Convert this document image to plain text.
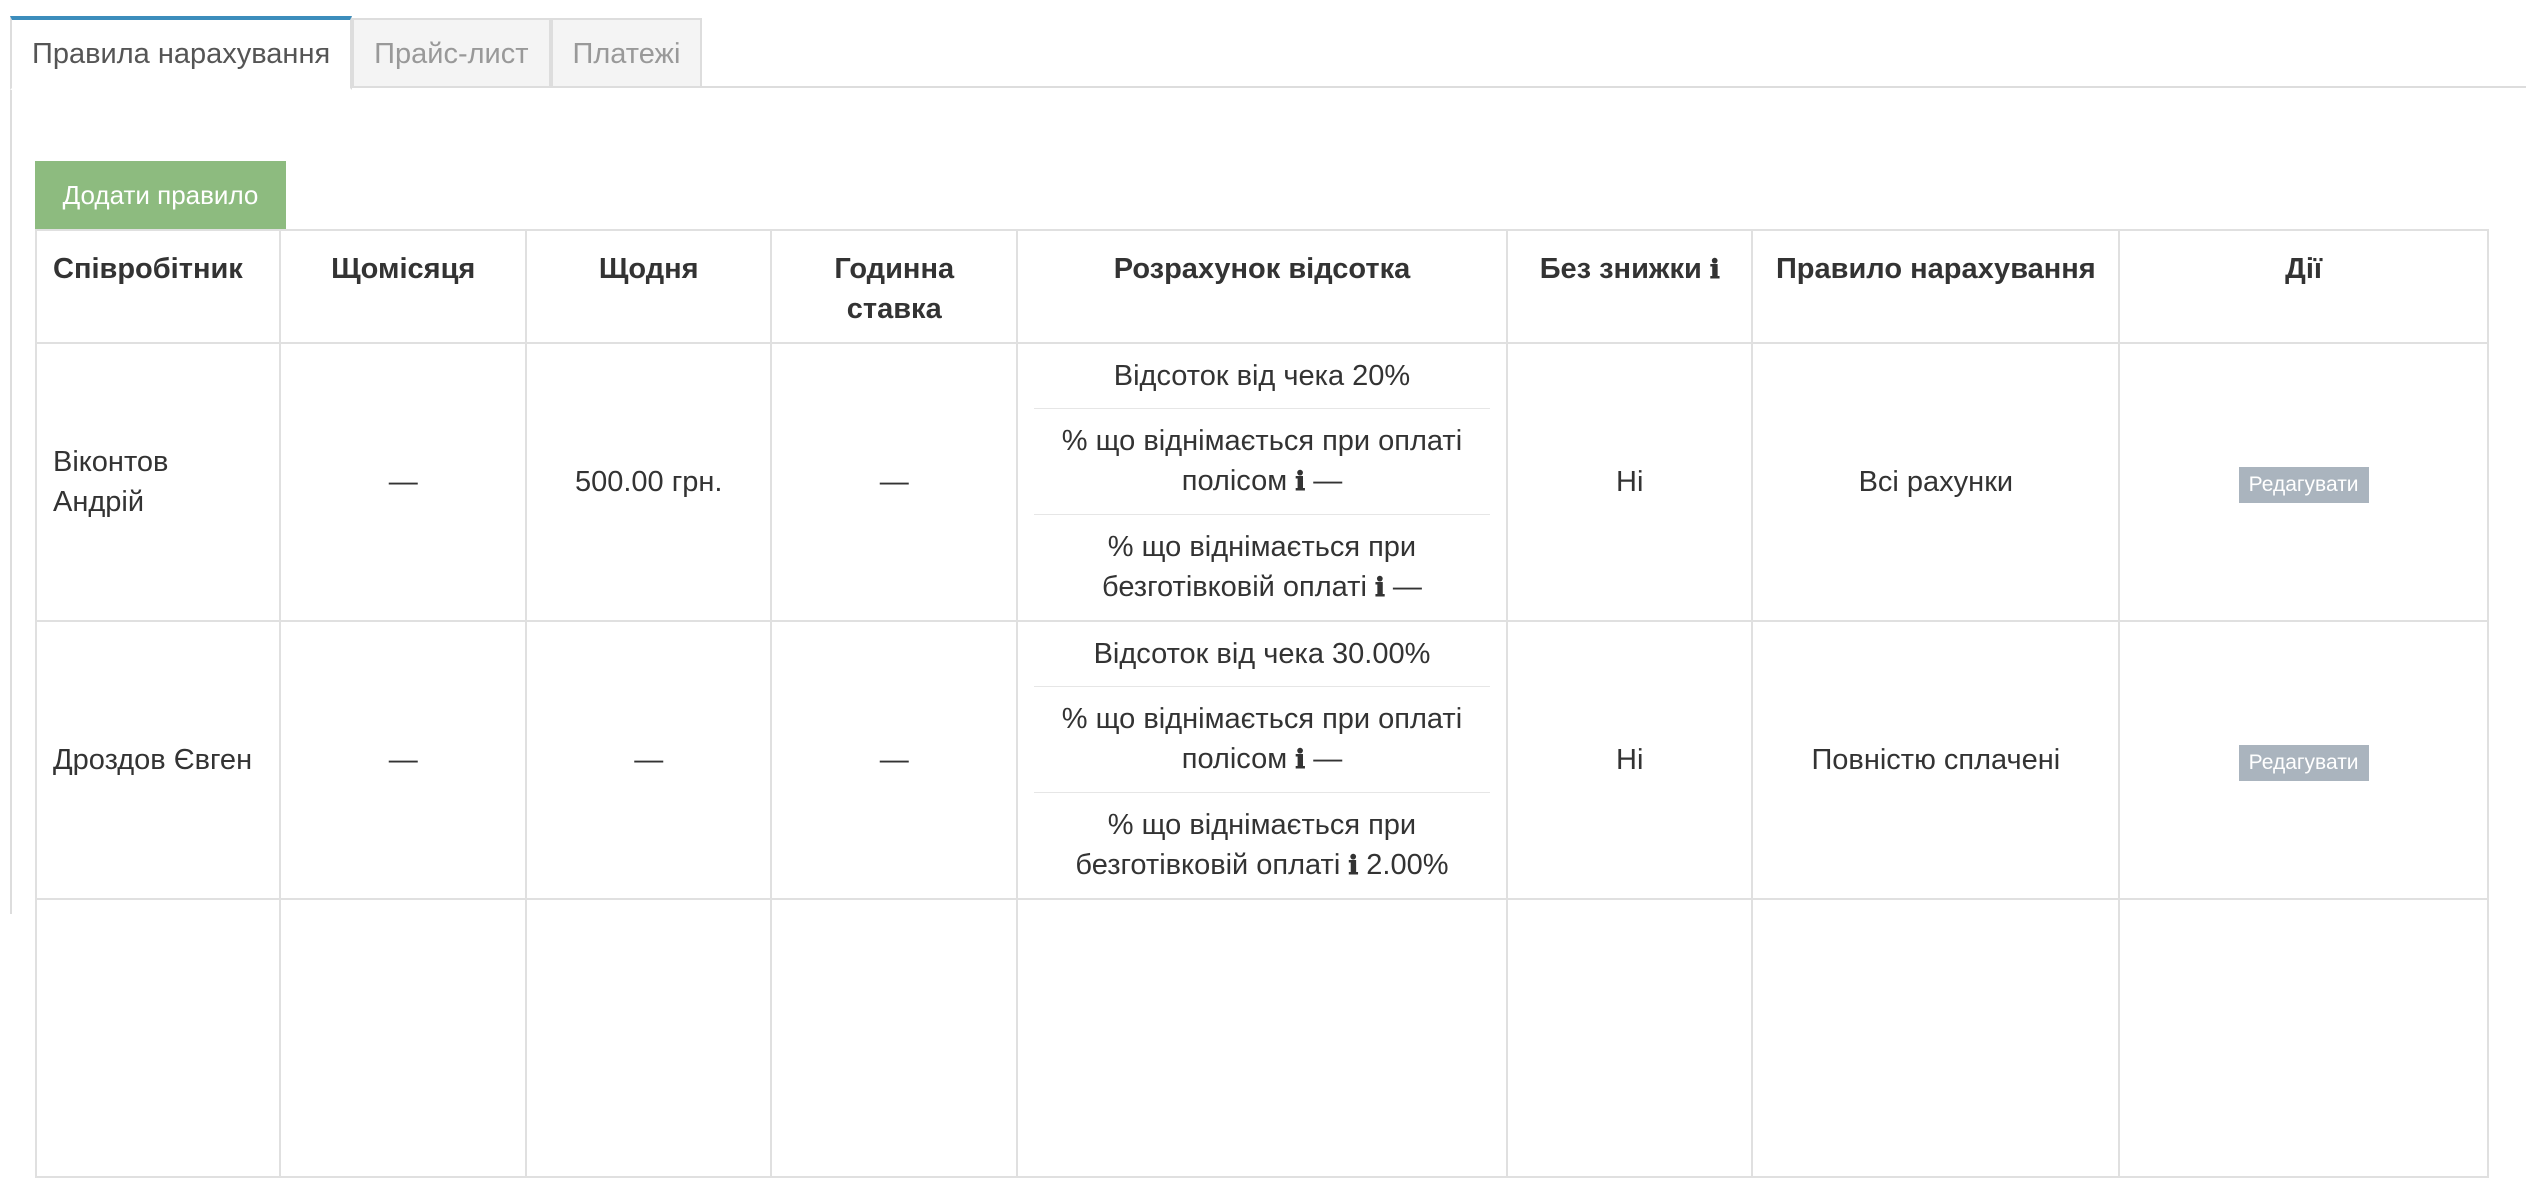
Правила нарахування	Прайс-лист	Платежі
Додати правило
Співробітник	Щомісяця	Щодня	Годинна ставка	Розрахунок відсотка	Без знижки ℹ	Правило нарахування	Дії
Віконтов Андрій	—	500.00 грн.	—	Відсоток від чека 20%
% що віднімається при оплаті полісом ℹ —
% що віднімається при безготівковій оплаті ℹ —	Ні	Всі рахунки	Редагувати
Дроздов Євген	—	—	—	Відсоток від чека 30.00%
% що віднімається при оплаті полісом ℹ —
% що віднімається при безготівковій оплаті ℹ 2.00%	Ні	Повністю сплачені	Редагувати
